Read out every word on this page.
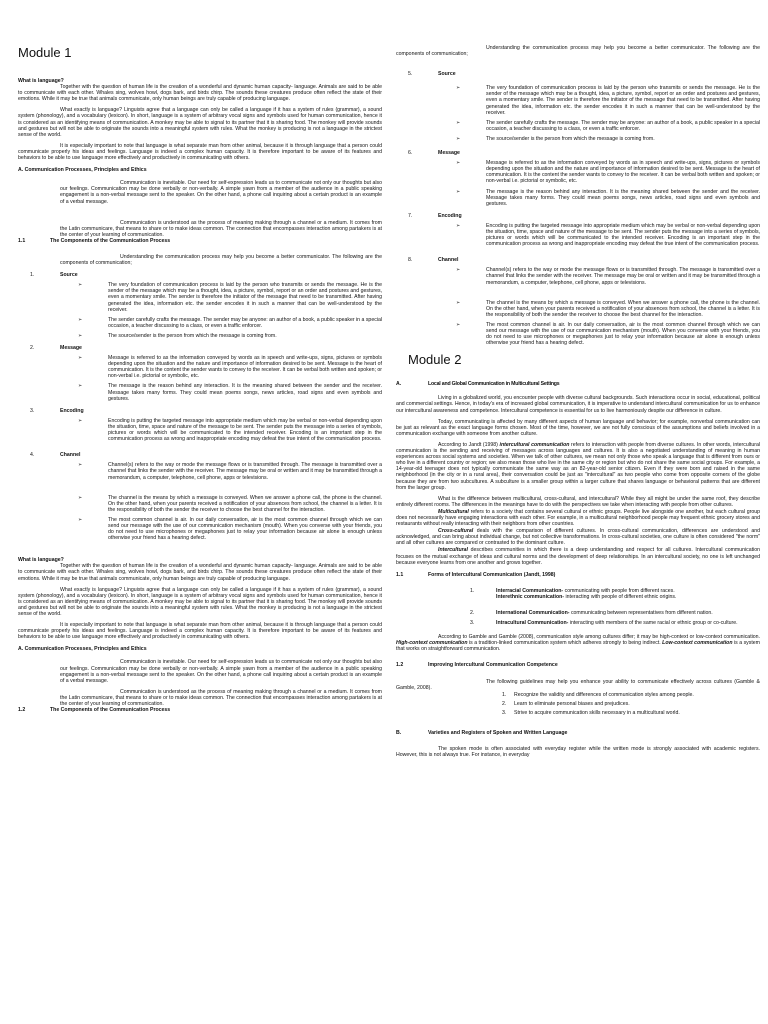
Module 1
What is language?

Together with the question of human life is the creation of a wonderful and dynamic human capacity- language. Animals are said to be able to communicate with each other. Whales sing, wolves howl, dogs bark, and birds chirp. The sounds these creatures produce often reflect the state of their emotions. While it may be true that animals communicate, only human beings are truly capable of producing language.

What exactly is language? Linguists agree that a language can only be called a language if it has a system of rules (grammar), a sound system (phonology), and a vocabulary (lexicon). In short, language is a system of arbitrary vocal signs and symbols used for human communication, hence it is considered as an identifying means of communication. A monkey may be able to signal to its partner that it is sharing food. The monkey will provide sounds and gestures but will not be able to originate the sounds into a meaningful system with rules. What the monkey is producing is not a language in the strictest sense of the world.

It is especially important to note that language is what separate man from other animal, because it is through language that a person could communicate properly his ideas and feelings. Language is indeed a complex human capacity. It is therefore important to be aware of its features and behaviors to be able to use language more effectively and productively in communicating with others.

A. Communication Processes, Principles and Ethics

Communication is inevitable. Our need for self-expression leads us to communicate not only our thoughts but also our feelings. Communication may be done verbally or non-verbally. A simple yawn from a member of the audience in a public speaking engagement is a non-verbal message sent to the speaker. On the other hand, a phone call inquiring about a certain product is an example of a verbal message.

Communication is understood as the process of meaning making through a channel or a medium. It comes from the Latin communicare, that means to share or to make ideas common. The connection that encompasses interaction among partakers is at the center of your learning of communication.

1.1	The Components of the Communication Process

Understanding the communication process may help you become a better communicator. The following are the components of communication;

1.	Source
➢	The very foundation of communication process is laid by the person who transmits or sends the message. He is the sender of the message which may be a thought, idea, a picture, symbol, report or an order and postures and gestures, even a momentary smile. The sender is therefore the initiator of the message that need to be transmitted. After having generated the idea, information etc. the sender encodes it in such a manner that can be well-understood by the receiver.
➢	The sender carefully crafts the message. The sender may be anyone: an author of a book, a public speaker in a special occasion, a teacher discussing to a class, or even a traffic enforcer.
➢	The source/sender is the person from which the message is coming from.
2.	Message
➢	Message is referred to as the information conveyed by words as in speech and write-ups, signs, pictures or symbols depending upon the situation and the nature and importance of information desired to be sent. Message is the heart of communication. It is the content the sender wants to convey to the receiver. It can be verbal both written and spoken; or non-verbal i.e. pictorial or symbolic, etc.
➢	The message is the reason behind any interaction. It is the meaning shared between the sender and the receiver. Message takes many forms. They could mean poems songs, news articles, road signs and even symbols and gestures.
3.	Encoding
➢	Encoding is putting the targeted message into appropriate medium which may be verbal or non-verbal depending upon the situation, time, space and nature of the message to be sent. The sender puts the message into a series of symbols, pictures or words which will be communicated to the intended receiver. Encoding is an important step in the communication process as wrong and inappropriate encoding may defeat the true intent of the communication process.
4.	Channel
➢	Channel(s) refers to the way or mode the message flows or is transmitted through. The message is transmitted over a channel that links the sender with the receiver. The message may be oral or written and it may be transmitted through a memorandum, a computer, telephone, cell phone, apps or televisions.
➢	The channel is the means by which a message is conveyed. When we answer a phone call, the phone is the channel. On the other hand, when your parents received a notification of your absences from school, the channel is a letter. It is the responsibility of both the sender the receiver to choose the best channel for the interaction.
➢	The most common channel is air. In our daily conversation, air is the most common channel through which we can send our message with the use of our communication mechanism (mouth). When you converse with your friends, you do not need to use microphones or megaphones just to relay your information because air alone is enough unless otherwise your friend has a hearing defect.
What is language?

Together with the question of human life is the creation of a wonderful and dynamic human capacity- language. Animals are said to be able to communicate with each other. Whales sing, wolves howl, dogs bark, and birds chirp. The sounds these creatures produce often reflect the state of their emotions. While it may be true that animals communicate, only human beings are truly capable of producing language.

What exactly is language? Linguists agree that a language can only be called a language if it has a system of rules (grammar), a sound system (phonology), and a vocabulary (lexicon). In short, language is a system of arbitrary vocal signs and symbols used for human communication, hence it is considered as an identifying means of communication. A monkey may be able to signal to its partner that it is sharing food. The monkey will provide sounds and gestures but will not be able to originate the sounds into a meaningful system with rules. What the monkey is producing is not a language in the strictest sense of the world.

It is especially important to note that language is what separate man from other animal, because it is through language that a person could communicate properly his ideas and feelings. Language is indeed a complex human capacity. It is therefore important to be aware of its features and behaviors to be able to use language more effectively and productively in communicating with others.

A. Communication Processes, Principles and Ethics

Communication is inevitable. Our need for self-expression leads us to communicate not only our thoughts but also our feelings. Communication may be done verbally or non-verbally. A simple yawn from a member of the audience in a public speaking engagement is a non-verbal message sent to the speaker. On the other hand, a phone call inquiring about a certain product is an example of a verbal message.

Communication is understood as the process of meaning making through a channel or a medium. It comes from the Latin communicare, that means to share or to make ideas common. The connection that encompasses interaction among partakers is at the center of your learning of communication.

1.2	The Components of the Communication Process

Understanding the communication process may help you become a better communicator. The following are the components of communication;

5.	Source
➢	The very foundation of communication process is laid by the person who transmits or sends the message. He is the sender of the message which may be a thought, idea, a picture, symbol, report or an order and postures and gestures, even a momentary smile. The sender is therefore the initiator of the message that need to be transmitted. After having generated the idea, information etc. the sender encodes it in such a manner that can be well-understood by the receiver.
➢	The sender carefully crafts the message. The sender may be anyone: an author of a book, a public speaker in a special occasion, a teacher discussing to a class, or even a traffic enforcer.
➢	The source/sender is the person from which the message is coming from.
6.	Message
➢	Message is referred to as the information conveyed by words as in speech and write-ups, signs, pictures or symbols depending upon the situation and the nature and importance of information desired to be sent. Message is the heart of communication. It is the content the sender wants to convey to the receiver. It can be verbal both written and spoken; or non-verbal i.e. pictorial or symbolic, etc.
➢	The message is the reason behind any interaction. It is the meaning shared between the sender and the receiver. Message takes many forms. They could mean poems songs, news articles, road signs and even symbols and gestures.
7.	Encoding
➢	Encoding is putting the targeted message into appropriate medium which may be verbal or non-verbal depending upon the situation, time, space and nature of the message to be sent. The sender puts the message into a series of symbols, pictures or words which will be communicated to the intended receiver. Encoding is an important step in the communication process as wrong and inappropriate encoding may defeat the true intent of the communication process.
8.	Channel
➢	Channel(s) refers to the way or mode the message flows or is transmitted through. The message is transmitted over a channel that links the sender with the receiver. The message may be oral or written and it may be transmitted through a memorandum, a computer, telephone, cell phone, apps or televisions.
➢	The channel is the means by which a message is conveyed. When we answer a phone call, the phone is the channel. On the other hand, when your parents received a notification of your absences from school, the channel is a letter. It is the responsibility of both the sender the receiver to choose the best channel for the interaction.
➢	The most common channel is air. In our daily conversation, air is the most common channel through which we can send our message with the use of our communication mechanism (mouth). When you converse with your friends, you do not need to use microphones or megaphones just to relay your information because air alone is enough unless otherwise your friend has a hearing defect.
Module 2
A.	Local and Global Communication in Multicultural Settings

Living in a globalized world, you encounter people with diverse cultural backgrounds. Such interactions occur in social, educational, political and commercial settings. Hence, in today's era of increased global communication, it is imperative to understand intercultural communication for us to enhance our intercultural awareness and competence. Intercultural competence is essential for us to live harmoniously despite our difference in culture.

Today, communicating is affected by many different aspects of human language and behavior; for example, nonverbal communication can be just as relevant as the exact language forms chosen. Most of the time, however, we are not fully conscious of the assumptions and beliefs involved in a communication exchange with someone from another culture.

According to Jandt (1998) intercultural communication refers to interaction with people from diverse cultures. In other words, intercultural communication is the sending and receiving of messages across languages and cultures. It is also a negotiated understanding of meaning in human experiences across social systems and societies. When we talk of other cultures, we mean not only those who speak a language that is different from ours or who live in a different country or region; we also mean those who live in the same city or region but who do not share the same social groups. For example, a 14-year-old teenager does not typically communicate the same way as an 82-year-old senior citizen. Even if they were born and raised in the same neighborhood (in the city or in a rural area), their conversation could be just as "intercultural" as two people who come from opposite corners of the globe because they are from two subcultures. A subculture is a smaller group within a larger culture that shares language or behavioral patterns that are different from the larger group.

What is the difference between multicultural, cross-cultural, and intercultural? While they all might be under the same roof, they describe entirely different rooms. The differences in the meanings have to do with the perspectives we take when interacting with people from other cultures.

Multicultural refers to a society that contains several cultural or ethnic groups. People live alongside one another, but each cultural group does not necessarily have engaging interactions with each other. For example, in a multicultural neighborhood people may frequent ethnic grocery stores and restaurants without really interacting with their neighbors from other countries.

Cross-cultural deals with the comparison of different cultures. In cross-cultural communication, differences are understood and acknowledged, and can bring about individual change, but not collective transformations. In cross-cultural societies, one culture is often considered "the norm" and all other cultures are compared or contrasted to the dominant culture.

Intercultural describes communities in which there is a deep understanding and respect for all cultures. Intercultural communication focuses on the mutual exchange of ideas and cultural norms and the development of deep relationships. In an intercultural society, no one is left unchanged because everyone learns from one another and grows together.

1.1	Forms of Intercultural Communication (Jandt, 1998)
1.	Interracial Communication- communicating with people from different races.
Interethnic communication- interacting with people of different ethnic origins.
2.	International Communication- communicating between representatives from different nation.
3.	Intracultural Communication- interacting with members of the same racial or ethnic group or co-culture.

According to Gamble and Gamble (2008), communication style among cultures differ; it may be high-context or low-context communication. High-context communication is a tradition-linked communication system which adheres strongly to being indirect. Low-context communication is a system that works on straightforward communication.

1.2	Improving Intercultural Communication Competence

The following guidelines may help you enhance your ability to communicate effectively across cultures (Gamble & Gamble, 2008).

1.	Recognize the validity and differences of communication styles among people.
2.	Learn to eliminate personal biases and prejudices.
3.	Strive to acquire communication skills necessary in a multicultural world.
B.	Varieties and Registers of Spoken and Written Language

The spoken mode is often associated with everyday register while the written mode is strongly associated with academic registers. However, this is not always true. For instance, in everyday
